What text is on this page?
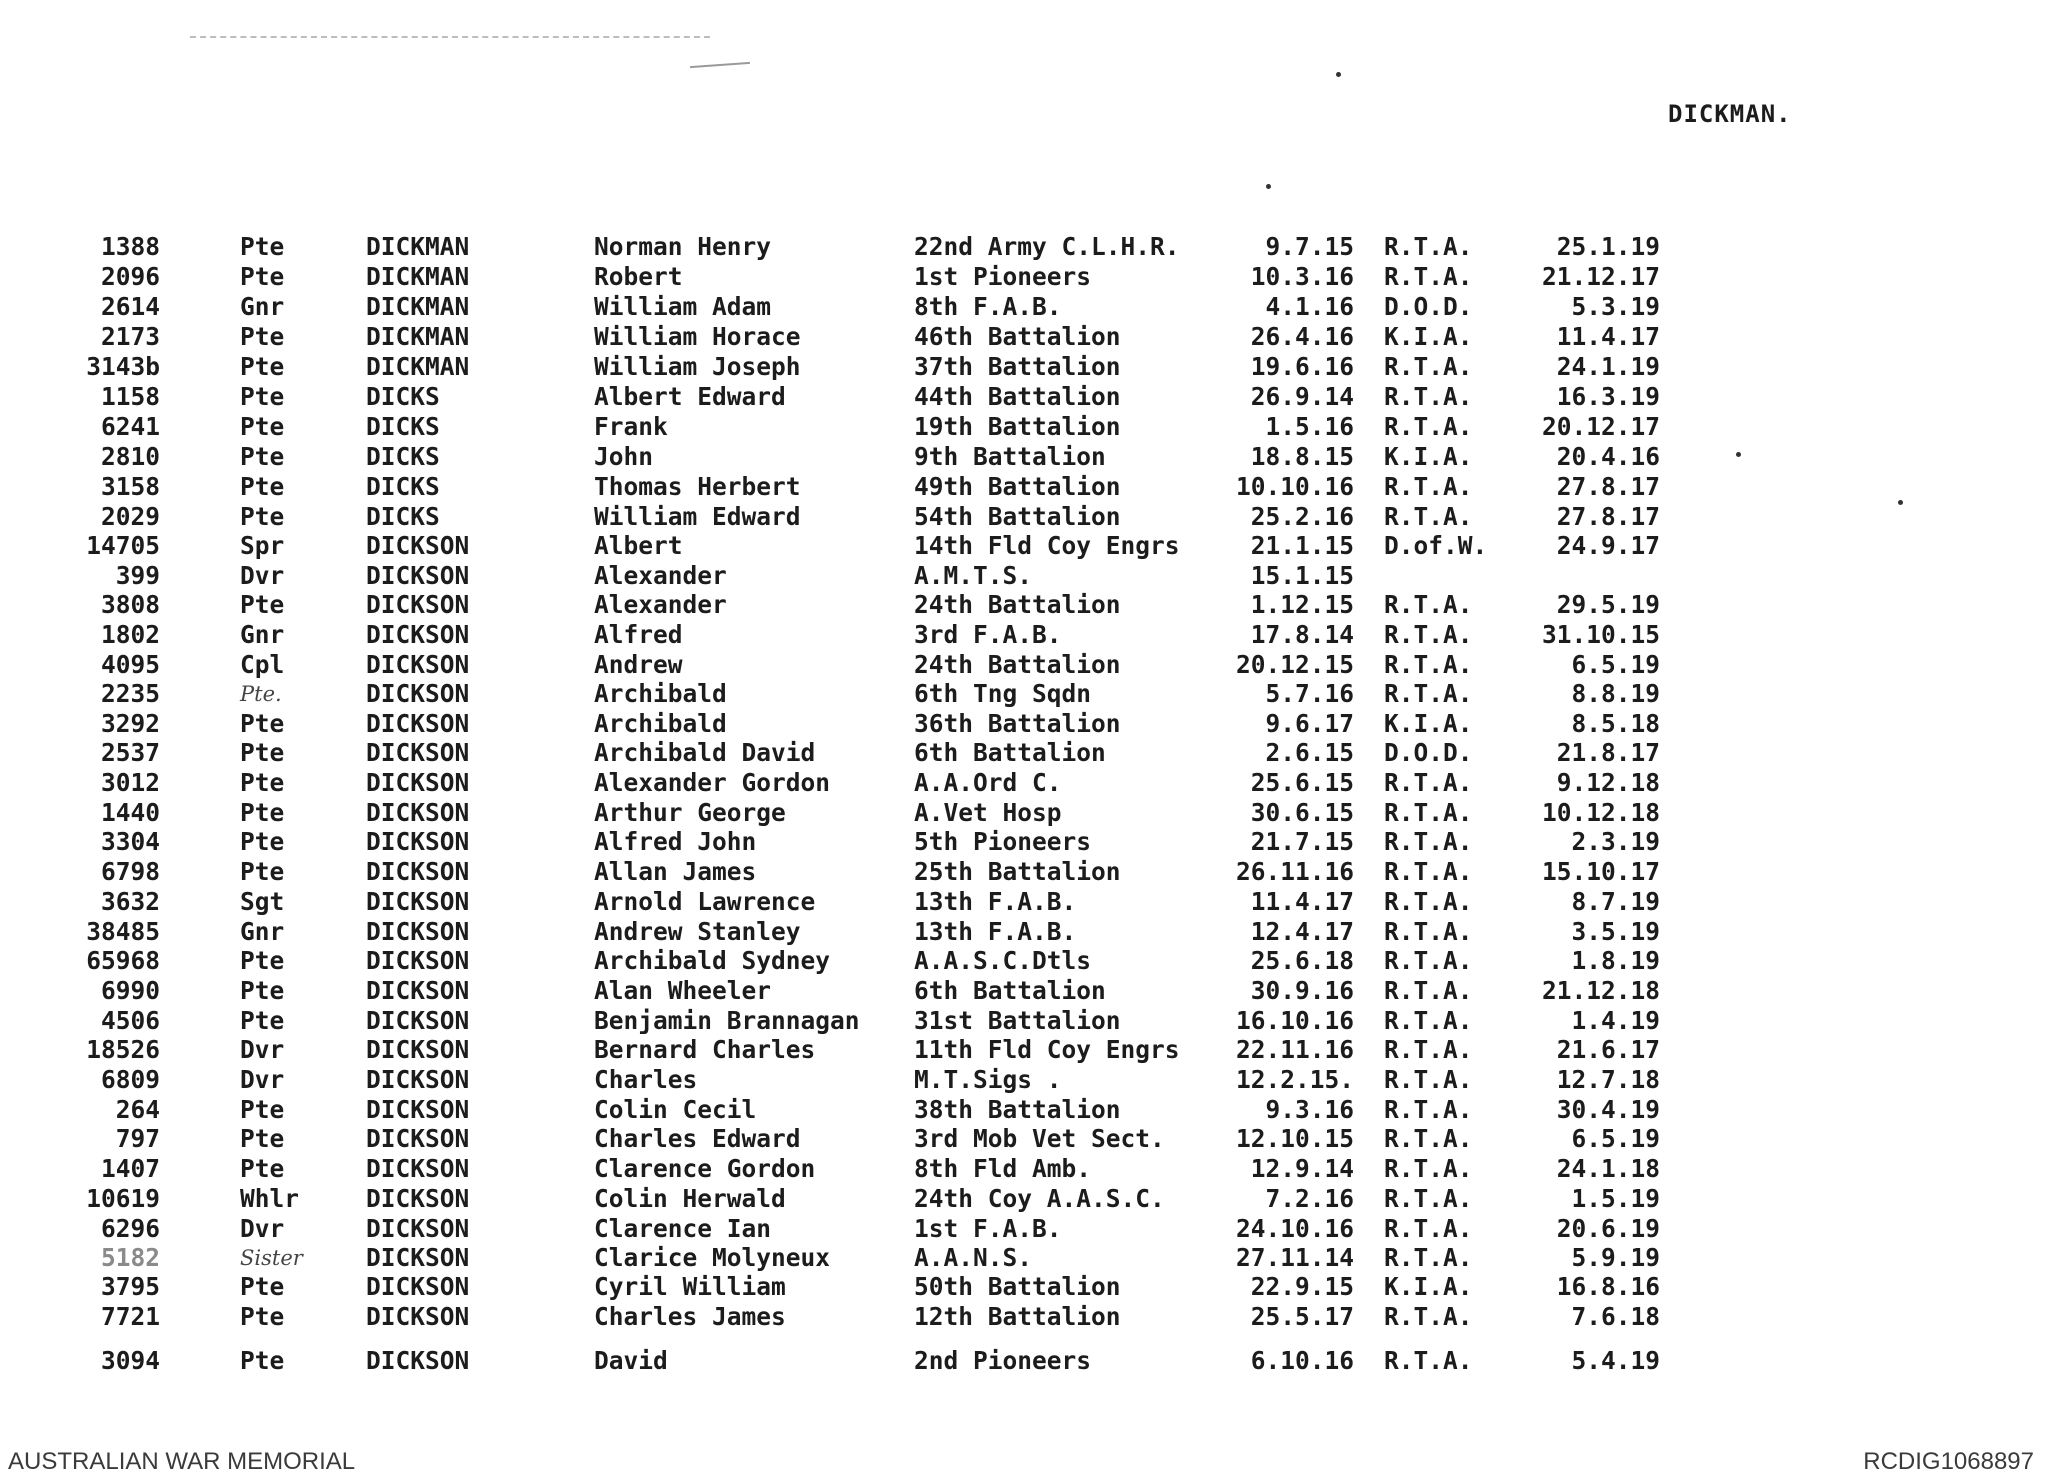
DICKMAN.
1388	Pte	DICKMAN	Norman Henry	22nd Army C.L.H.R.	9.7.15 R.T.A.	25.1.19
2096	Pte	DICKMAN	Robert	1st Pioneers	10.3.16 R.T.A.	21.12.17
2614	Gnr	DICKMAN	William Adam	8th F.A.B.	4.1.16 D.O.D.	5.3.19
2173	Pte	DICKMAN	William Horace	46th Battalion	26.4.16 K.I.A.	11.4.17
3143b	Pte	DICKMAN	William Joseph	37th Battalion	19.6.16 R.T.A.	24.1.19
1158	Pte	DICKS	Albert Edward	44th Battalion	26.9.14 R.T.A.	16.3.19
6241	Pte	DICKS	Frank	19th Battalion	1.5.16 R.T.A.	20.12.17
2810	Pte	DICKS	John	9th Battalion	18.8.15 K.I.A.	20.4.16
3158	Pte	DICKS	Thomas Herbert	49th Battalion	10.10.16 R.T.A.	27.8.17
2029	Pte	DICKS	William Edward	54th Battalion	25.2.16 R.T.A.	27.8.17
14705	Spr	DICKSON	Albert	14th Fld Coy Engrs	21.1.15 D.of.W.	24.9.17
399	Dvr	DICKSON	Alexander	A.M.T.S.	15.1.15
3808	Pte	DICKSON	Alexander	24th Battalion	1.12.15 R.T.A.	29.5.19
1802	Gnr	DICKSON	Alfred	3rd F.A.B.	17.8.14 R.T.A.	31.10.15
4095	Cpl	DICKSON	Andrew	24th Battalion	20.12.15 R.T.A.	6.5.19
2235	Pte.	DICKSON	Archibald	6th Tng Sqdn	5.7.16 R.T.A.	8.8.19
3292	Pte	DICKSON	Archibald	36th Battalion	9.6.17 K.I.A.	8.5.18
2537	Pte	DICKSON	Archibald David	6th Battalion	2.6.15 D.O.D.	21.8.17
3012	Pte	DICKSON	Alexander Gordon	A.A.Ord C.	25.6.15 R.T.A.	9.12.18
1440	Pte	DICKSON	Arthur George	A.Vet Hosp	30.6.15 R.T.A.	10.12.18
3304	Pte	DICKSON	Alfred John	5th Pioneers	21.7.15 R.T.A.	2.3.19
6798	Pte	DICKSON	Allan James	25th Battalion	26.11.16 R.T.A.	15.10.17
3632	Sgt	DICKSON	Arnold Lawrence	13th F.A.B.	11.4.17 R.T.A.	8.7.19
38485	Gnr	DICKSON	Andrew Stanley	13th F.A.B.	12.4.17 R.T.A.	3.5.19
65968	Pte	DICKSON	Archibald Sydney	A.A.S.C.Dtls	25.6.18 R.T.A.	1.8.19
6990	Pte	DICKSON	Alan Wheeler	6th Battalion	30.9.16 R.T.A.	21.12.18
4506	Pte	DICKSON	Benjamin Brannagan	31st Battalion	16.10.16 R.T.A.	1.4.19
18526	Dvr	DICKSON	Bernard Charles	11th Fld Coy Engrs	22.11.16 R.T.A.	21.6.17
6809	Dvr	DICKSON	Charles	M.T.Sigs .	12.2.15. R.T.A.	12.7.18
264	Pte	DICKSON	Colin Cecil	38th Battalion	9.3.16 R.T.A.	30.4.19
797	Pte	DICKSON	Charles Edward	3rd Mob Vet Sect.	12.10.15 R.T.A.	6.5.19
1407	Pte	DICKSON	Clarence Gordon	8th Fld Amb.	12.9.14 R.T.A.	24.1.18
10619	Whlr	DICKSON	Colin Herwald	24th Coy A.A.S.C.	7.2.16 R.T.A.	1.5.19
6296	Dvr	DICKSON	Clarence Ian	1st F.A.B.	24.10.16 R.T.A.	20.6.19
5182	Sister	DICKSON	Clarice Molyneux	A.A.N.S.	27.11.14 R.T.A.	5.9.19
3795	Pte	DICKSON	Cyril William	50th Battalion	22.9.15 K.I.A.	16.8.16
7721	Pte	DICKSON	Charles James	12th Battalion	25.5.17 R.T.A.	7.6.18
3094	Pte	DICKSON	David	2nd Pioneers	6.10.16 R.T.A.	5.4.19
AUSTRALIAN WAR MEMORIAL	RCDIG1068897
